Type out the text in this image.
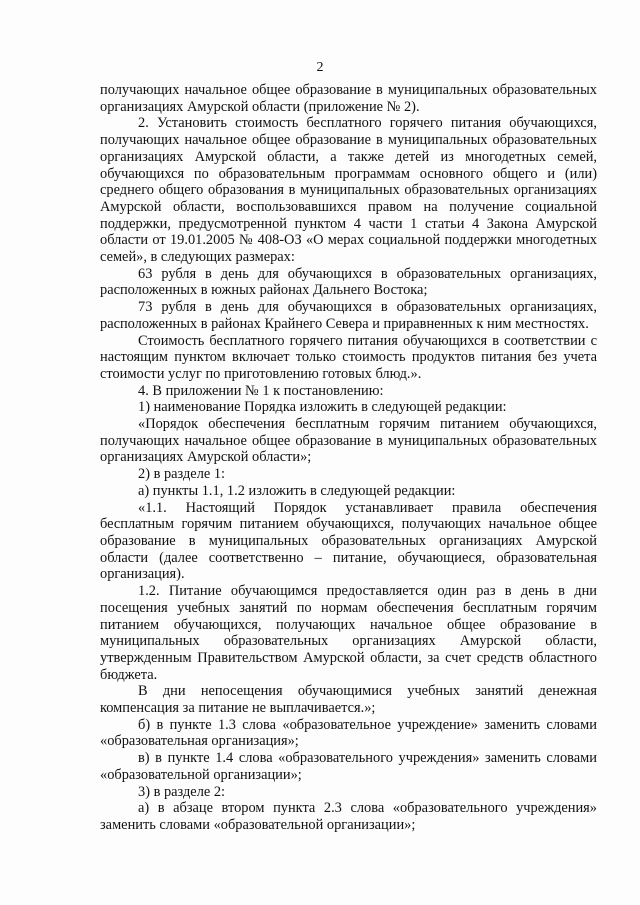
2

получающих начальное общее образование в муниципальных образовательных организациях Амурской области (приложение № 2).

2. Установить стоимость бесплатного горячего питания обучающихся, получающих начальное общее образование в муниципальных образовательных организациях Амурской области, а также детей из многодетных семей, обучающихся по образовательным программам основного общего и (или) среднего общего образования в муниципальных образовательных организациях Амурской области, воспользовавшихся правом на получение социальной поддержки, предусмотренной пунктом 4 части 1 статьи 4 Закона Амурской области от 19.01.2005 № 408-ОЗ «О мерах социальной поддержки многодетных семей», в следующих размерах:

63 рубля в день для обучающихся в образовательных организациях, расположенных в южных районах Дальнего Востока;

73 рубля в день для обучающихся в образовательных организациях, расположенных в районах Крайнего Севера и приравненных к ним местностях.

Стоимость бесплатного горячего питания обучающихся в соответствии с настоящим пунктом включает только стоимость продуктов питания без учета стоимости услуг по приготовлению готовых блюд.».

4. В приложении № 1 к постановлению:

1) наименование Порядка изложить в следующей редакции:

«Порядок обеспечения бесплатным горячим питанием обучающихся, получающих начальное общее образование в муниципальных образовательных организациях Амурской области»;

2) в разделе 1:

а) пункты 1.1, 1.2 изложить в следующей редакции:

«1.1. Настоящий Порядок устанавливает правила обеспечения бесплатным горячим питанием обучающихся, получающих начальное общее образование в муниципальных образовательных организациях Амурской области (далее соответственно – питание, обучающиеся, образовательная организация).

1.2. Питание обучающимся предоставляется один раз в день в дни посещения учебных занятий по нормам обеспечения бесплатным горячим питанием обучающихся, получающих начальное общее образование в муниципальных образовательных организациях Амурской области, утвержденным Правительством Амурской области, за счет средств областного бюджета.

В дни непосещения обучающимися учебных занятий денежная компенсация за питание не выплачивается.»;

б) в пункте 1.3 слова «образовательное учреждение» заменить словами «образовательная организация»;

в) в пункте 1.4 слова «образовательного учреждения» заменить словами «образовательной организации»;

3) в разделе 2:

а) в абзаце втором пункта 2.3 слова «образовательного учреждения» заменить словами «образовательной организации»;
